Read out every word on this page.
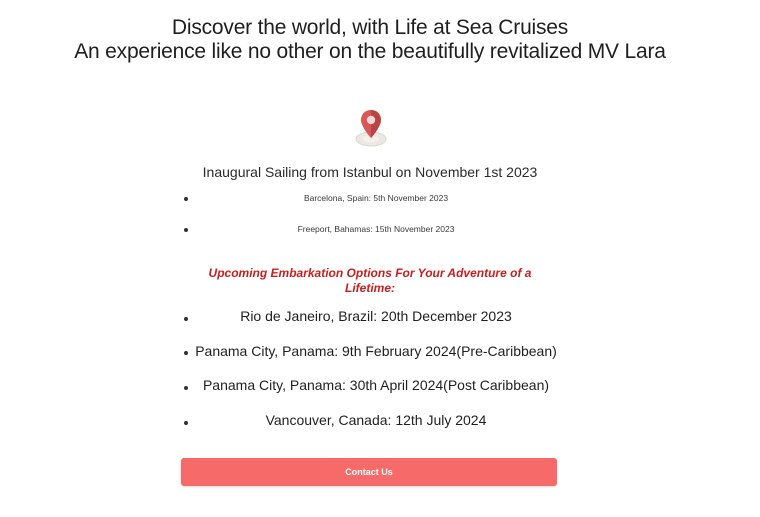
Discover the world, with Life at Sea Cruises
An experience like no other on the beautifully revitalized MV Lara
Inaugural Sailing from Istanbul on November 1st 2023
Barcelona, Spain: 5th November 2023
Freeport, Bahamas: 15th November 2023
Upcoming Embarkation Options For Your Adventure of a Lifetime:
Rio de Janeiro, Brazil: 20th December 2023
Panama City, Panama: 9th February 2024(Pre-Caribbean)
Panama City, Panama: 30th April 2024(Post Caribbean)
Vancouver, Canada: 12th July 2024
Contact Us
